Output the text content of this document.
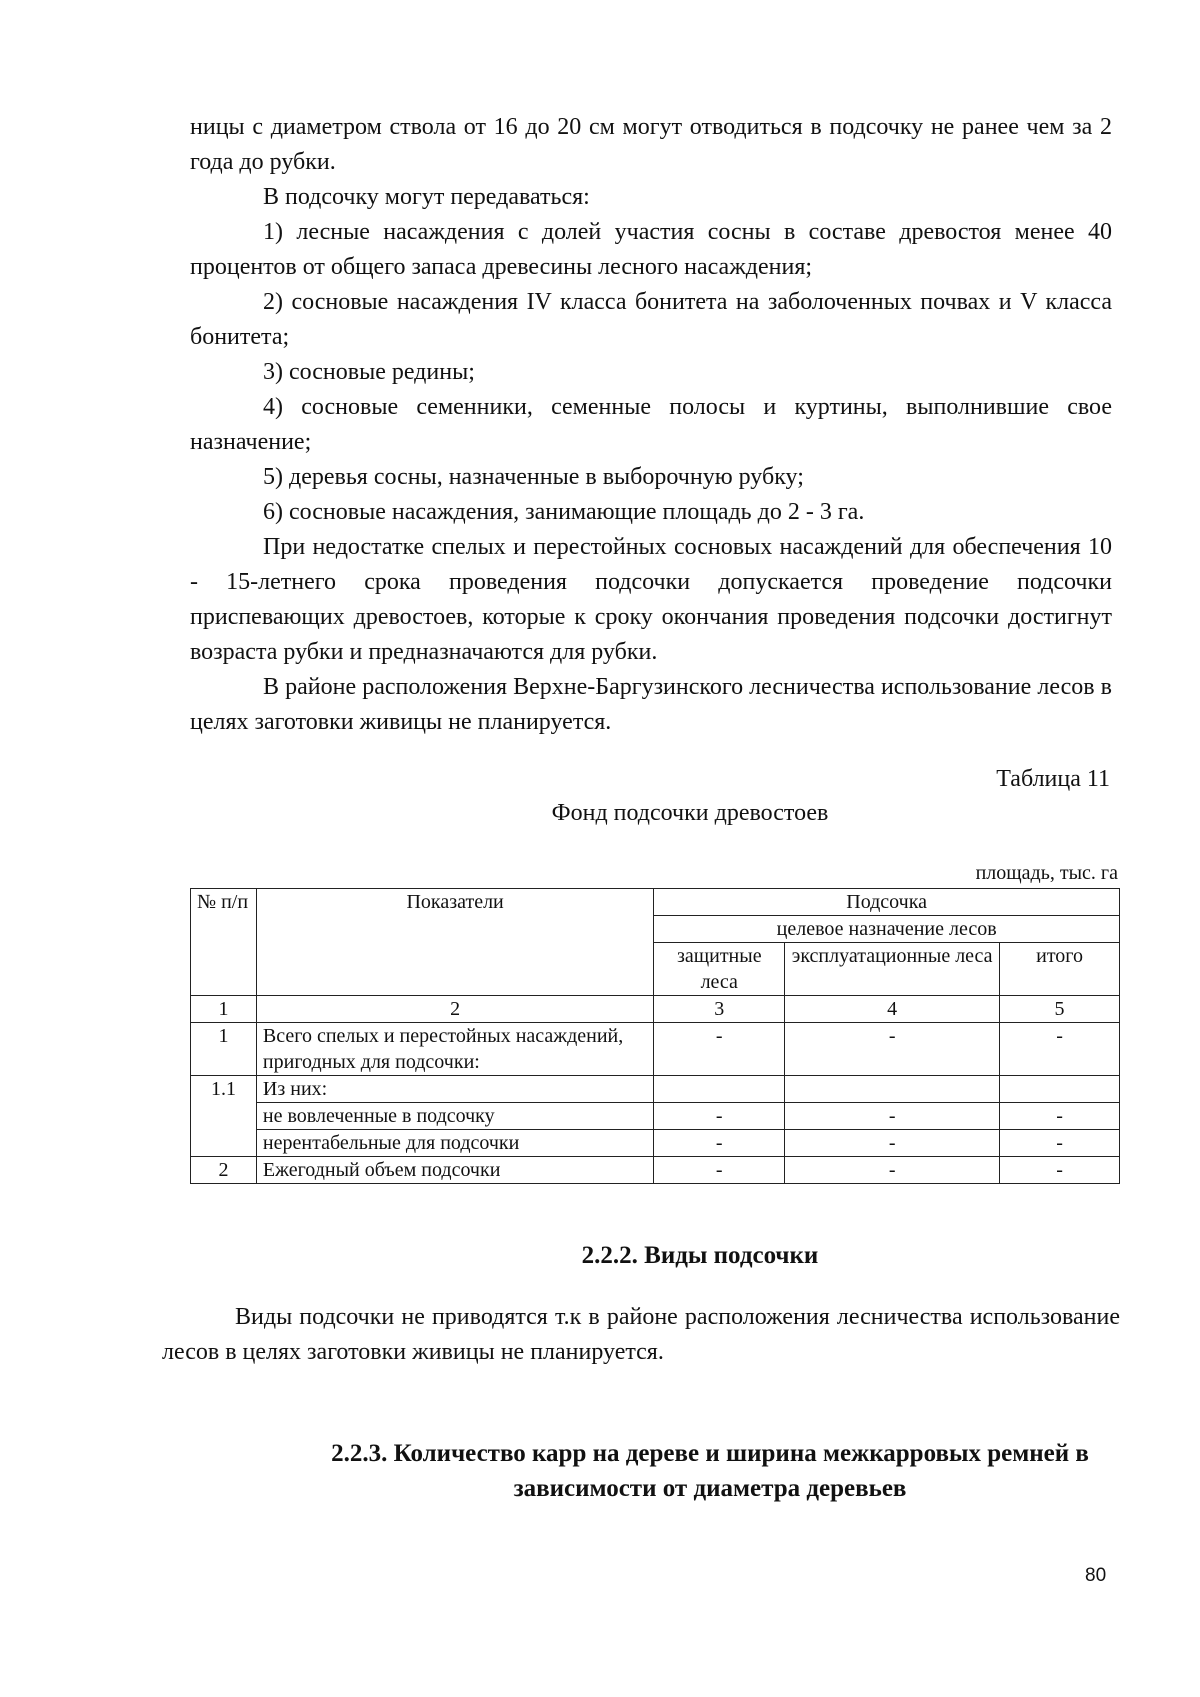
ницы с диаметром ствола от 16 до 20 см могут отводиться в подсочку не ранее чем за 2 года до рубки.

В подсочку могут передаваться:

1) лесные насаждения с долей участия сосны в составе древостоя менее 40 процентов от общего запаса древесины лесного насаждения;

2) сосновые насаждения IV класса бонитета на заболоченных почвах и V класса бонитета;

3) сосновые редины;

4) сосновые семенники, семенные полосы и куртины, выполнившие свое назначение;

5) деревья сосны, назначенные в выборочную рубку;

6) сосновые насаждения, занимающие площадь до 2 - 3 га.

При недостатке спелых и перестойных сосновых насаждений для обеспечения 10 - 15-летнего срока проведения подсочки допускается проведение подсочки приспевающих древостоев, которые к сроку окончания проведения подсочки достигнут возраста рубки и предназначаются для рубки.

В районе расположения Верхне-Баргузинского лесничества использование лесов в целях заготовки живицы не планируется.

Таблица 11
Фонд подсочки древостоев
площадь, тыс. га
№ п/п	Показатели	Подсочка		
		целевое назначение лесов		
		защитные леса	эксплуатационные леса	итого
1	2	3	4	5
1	Всего спелых и перестойных насаждений, пригодных для подсочки:	-	-	-
1.1	Из них:			
	не вовлеченные в подсочку	-	-	-
	нерентабельные для подсочки	-	-	-
2	Ежегодный объем подсочки	-	-	-
2.2.2. Виды подсочки

Виды подсочки не приводятся т.к в районе расположения лесничества использование лесов в целях заготовки живицы не планируется.

2.2.3. Количество карр на дереве и ширина межкарровых ремней в зависимости от диаметра деревьев
80
